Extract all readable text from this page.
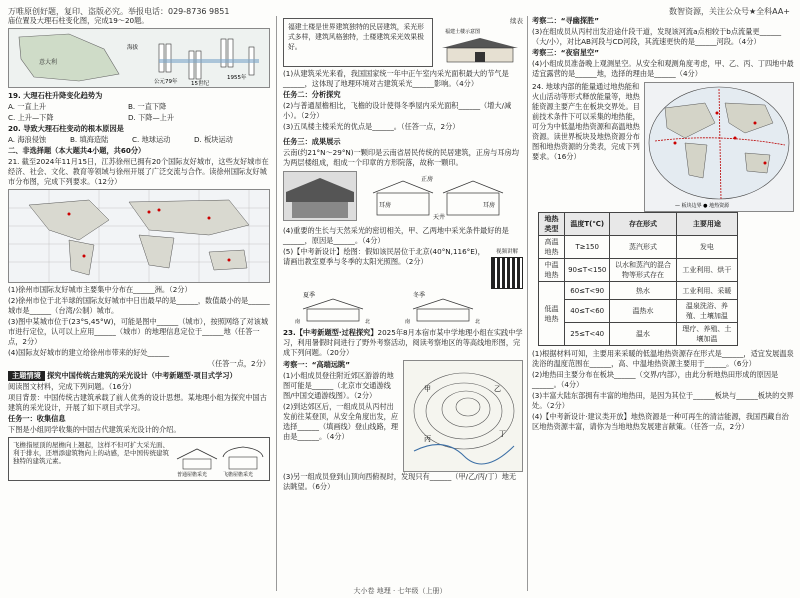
万唯原创好题，复印、盗版必究。举报电话：029-8736 9851	数智资源，关注公众号★全科AA+

庙位置及大理石柱变化图，完成19～20题。

意大利
海拔
公元79年 15世纪
1955年

19. 大理石柱升降变化趋势为

A. 一直上升	B. 一直下降

C. 上升—下降	D. 下降—上升

20. 导致大理石柱变动的根本原因是

A. 海浪侵蚀	B. 填海造陆	C. 地球运动	D. 板块运动

二、非选择题（本大题共4小题，共60分）

21. 截至2024年11月15日，江苏徐州已拥有20个国际友好城市，这些友好城市在经济、社会、文化、教育等领域与徐州开展了广泛交流与合作。读徐州国际友好城市分布图，完成下列要求。（12分）

(1)徐州市国际友好城市主要集中分布在______洲。（2分）

(2)徐州市位于北半球的国际友好城市中日出最早的是______，数值最小的是______城市是______（台湾/公制）城市。

(3)图中某城市位于(23°S,45°W)，可能是图中______（城市），按照网络了对该城市进行定位，认可以上应用______（城市）的地理信息定位于______地（任答一点，2分）

(4)国际友好城市的建立给徐州市带来的好处______

（任答一点，2分）

主题情境 探究中国传统古建筑的采光设计（中考新题型·项目式学习）

阅读图文材料，完成下列问题。（16分）

项目背景：中国传统古建筑承载了前人优秀的设计思想。某地理小组为探究中国古建筑的采光设计，开展了如下项目式学习。

任务一：收集信息

下图是小组同学收集的中国古代建筑采光设计的介绍。

飞檐指屋顶的屋檐向上翘起，这样不但可扩大采光面、利于排水，还增添建筑物向上的动感，是中国传统建筑独特的建筑元素。
普通屋檐采光	飞檐屋檐采光
福建土楼是世界建筑独特的民居建筑，采光形式多样，建筑风格独特，土楼建筑采光效果极好。
续表
福建土楼示意图

(1)从建筑采光来看，我国国家统一年中正午室内采光面积最大的节气是______，这体现了地理环境对古建筑采光______影响。（4分）

任务二：分析探究

(2)与普通屋檐相比，飞檐的设计使得冬季屋内采光面积______（增大/减小）。（2分）

(3)五凤楼主楼采光的优点是______。（任答一点，2分）

任务三：成果展示

云南(约21°N～29°N)一颗印是云南省居民传统的民居建筑，正房与耳房均为两层楼组成，组成一个印章的方形院落，故称一颗印。

耳房
正房
天井
耳房

(4)重要的生长与天然采光的密切相关，甲、乙两地中采光条件最好的是______，原因是______。（4分）

(5)【中考新设计】绘图：假如该民居位于北京(40°N,116°E)，请画出教室夏季与冬季的太阳光照图。（2分）

视频讲解
夏季	冬季
南	北	南	北

23.【中考新题型·过程探究】2025年8月本宿市某中学地理小组在实践中学习，利用暑假时间进行了野外考察活动，阅读考察地区的等高线地形图，完成下列问题。（20分）

考察一：“高端远眺”

(1)小组成员登往附近郊区游游的地图可能是______（北京市交通游线图/中国交通游线图）。（2分）

(2)到达郊区后，一组成员从丙村出发前往某登顶，从安全角度出发，应选择______（填画线）登山线路，理由是______。（4分）

甲	乙
丙
丁

(3)另一组成员登到山顶向西俯视时，发现只有______（甲/乙/丙/丁）地无法眺望。（6分）

考察二：“寻幽探胜”

(3)在组成员从丙村出发沿途什段干道，发现该河流a点相较于b点流量更______（大/小），对比AB河段与CD河段，其流速更快的是______河段。（4分）

考察三：“夜宿星空”

(4)小组成员准备晚上观测星空。从安全和观测角度考虑，甲、乙、丙、丁四地中最适宜露营的是______地，选择的理由是______（4分）

24. 地球内部的能量通过地热能和火山活动等形式释放能量等，地热能资源主要产生在板块交界处。目前技术条件下可以采集的地热能，可分为中低温地热资源和高温地热资源。读世界板块及地热资源分布图和地热资源的分类表，完成下列要求。（16分）

— 板块边界 ● 地热资源
地热类型	温度T(℃)	存在形式	主要用途
高温地热	T≥150	蒸汽形式	发电
中温地热	90≤T<150	以水和蒸汽的混合物等形式存在	工业利用、烘干
低温地热	60≤T<90	热水	工业利用、采暖
	40≤T<60	温热水	温泉洗浴、养殖、土壤加温
	25≤T<40	温水	理疗、养殖、土壤加温

(1)根据材料可知，主要用来采暖的低温地热资源存在形式是______，适宜发展温泉洗浴的温度范围在______，高、中温地热资源主要用于______。（6分）

(2)地热田主要分布在板块______（交界/内部），由此分析地热田形成的原因是______。（4分）

(3)丰富大陆东部拥有丰富的地热田，是因为其位于______板块与______板块的交界处。（2分）

(4)【中考新设计·建议类开放】地热资源是一种可再生的清洁能源，我国西藏自治区地热资源丰富，请你为当地地热发展建言献策。（任答一点，2分）

大小卷 地理 · 七年级（上册）
